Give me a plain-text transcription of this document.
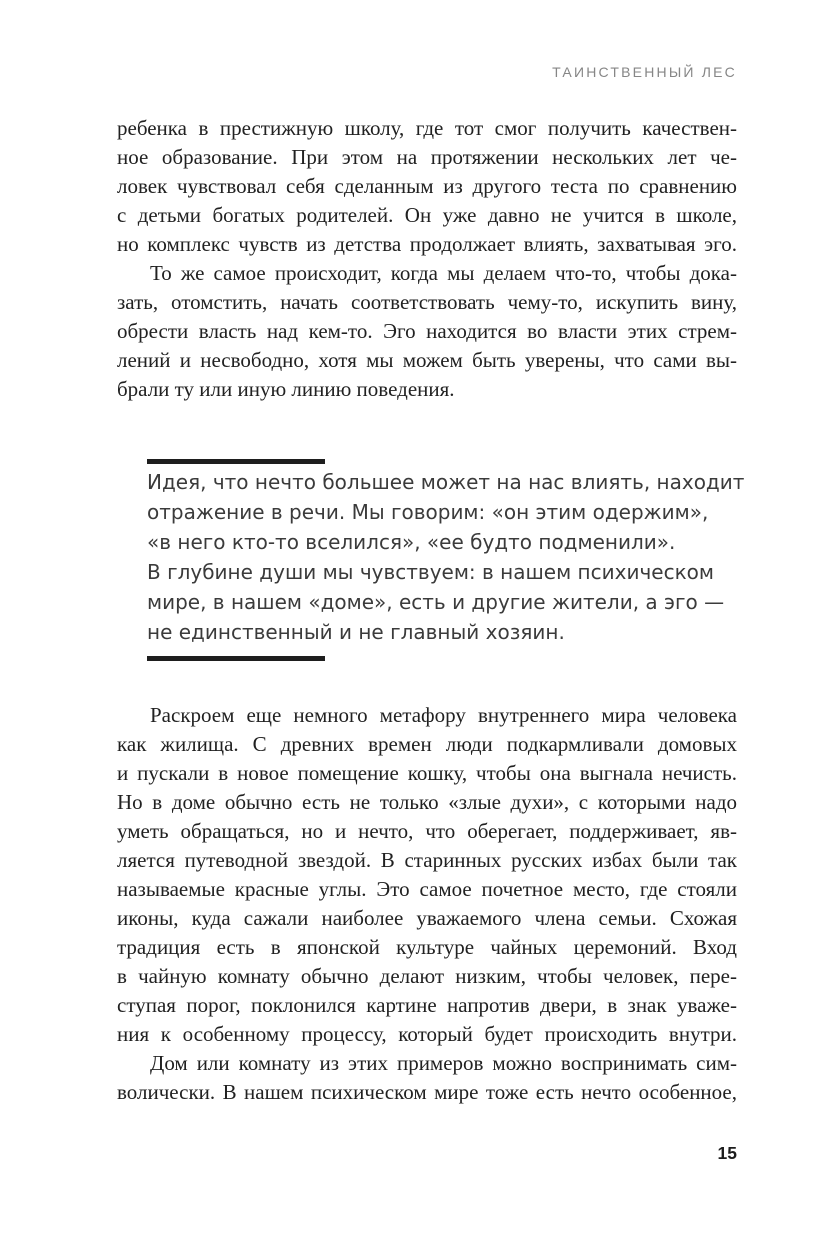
ТАИНСТВЕННЫЙ ЛЕС
ребенка в престижную школу, где тот смог получить качествен-
ное образование. При этом на протяжении нескольких лет че-
ловек чувствовал себя сделанным из другого теста по сравнению
с детьми богатых родителей. Он уже давно не учится в школе,
но комплекс чувств из детства продолжает влиять, захватывая эго.
То же самое происходит, когда мы делаем что-то, чтобы дока-
зать, отомстить, начать соответствовать чему-то, искупить вину,
обрести власть над кем-то. Эго находится во власти этих стрем-
лений и несвободно, хотя мы можем быть уверены, что сами вы-
брали ту или иную линию поведения.
Идея, что нечто большее может на нас влиять, находит
отражение в речи. Мы говорим: «он этим одержим»,
«в него кто-то вселился», «ее будто подменили».
В глубине души мы чувствуем: в нашем психическом
мире, в нашем «доме», есть и другие жители, а эго —
не единственный и не главный хозяин.
Раскроем еще немного метафору внутреннего мира человека
как жилища. С древних времен люди подкармливали домовых
и пускали в новое помещение кошку, чтобы она выгнала нечисть.
Но в доме обычно есть не только «злые духи», с которыми надо
уметь обращаться, но и нечто, что оберегает, поддерживает, яв-
ляется путеводной звездой. В старинных русских избах были так
называемые красные углы. Это самое почетное место, где стояли
иконы, куда сажали наиболее уважаемого члена семьи. Схожая
традиция есть в японской культуре чайных церемоний. Вход
в чайную комнату обычно делают низким, чтобы человек, пере-
ступая порог, поклонился картине напротив двери, в знак уваже-
ния к особенному процессу, который будет происходить внутри.
Дом или комнату из этих примеров можно воспринимать сим-
волически. В нашем психическом мире тоже есть нечто особенное,
15
